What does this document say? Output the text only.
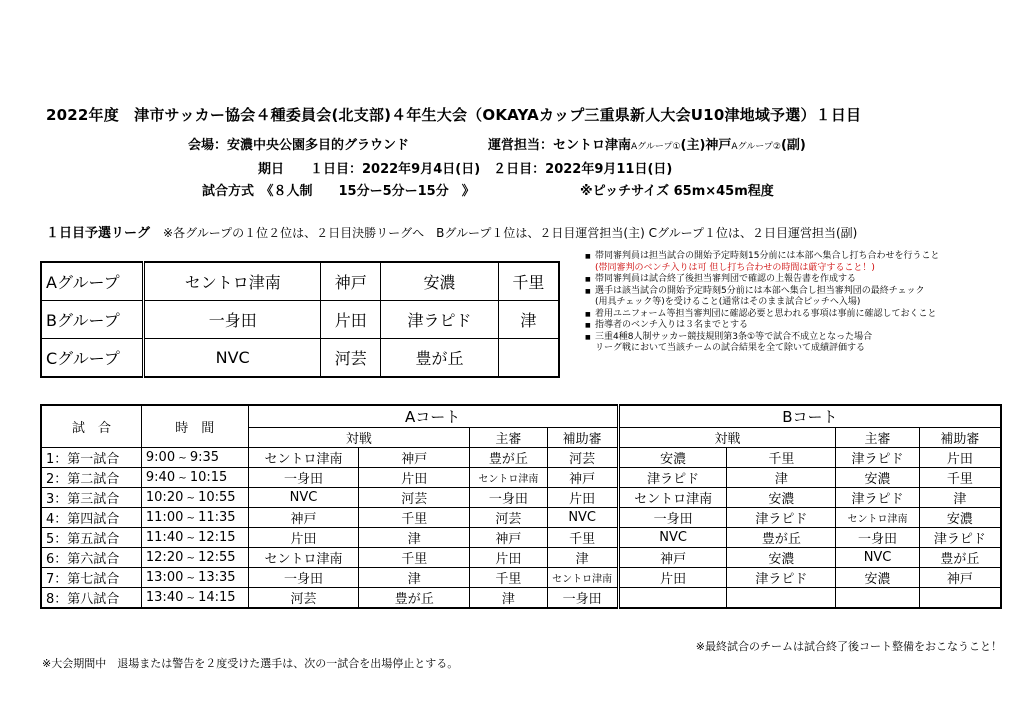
2022年度　津市サッカー協会４種委員会(北支部)４年生大会（OKAYAカップ三重県新人大会U10津地域予選）１日目
会場：安濃中央公園多目的グラウンド	運営担当：セントロ津南Aグループ①(主)神戸Aグループ②(副)
期日　　１日目：2022年9月4日(日)　２日目：2022年9月11日(日)
試合方式　《８人制　　15分ー5分ー15分　》	※ピッチサイズ 65m×45m程度
１日目予選リーグ　 ※各グループの１位２位は、２日目決勝リーグへ　Bグループ１位は、２日目運営担当(主) Cグループ１位は、２日目運営担当(副)
Aグループ	セントロ津南	神戸	安濃	千里
Bグループ	一身田	片田	津ラピド	津
Cグループ	NVC	河芸	豊が丘	
■ 帯同審判員は担当試合の開始予定時刻15分前には本部へ集合し打ち合わせを行うこと
(帯同審判のベンチ入りは可 但し打ち合わせの時間は厳守すること！)
■ 帯同審判員は試合終了後担当審判団で確認の上報告書を作成する
■ 選手は該当試合の開始予定時刻5分前には本部へ集合し担当審判団の最終チェック
(用具チェック等)を受けること(通常はそのまま試合ピッチへ入場)
■ 着用ユニフォーム等担当審判団に確認必要と思われる事項は事前に確認しておくこと
■ 指導者のベンチ入りは３名までとする
■ 三重4種8人制サッカー競技規則第3条①等で試合不成立となった場合
リーグ戦において当該チームの試合結果を全て除いて成績評価する
試　合	時　間	Aコート				Bコート			
		対戦		主審	補助審	対戦		主審	補助審
1：第一試合	9:00 ~ 9:35	セントロ津南	神戸	豊が丘	河芸	安濃	千里	津ラピド	片田
2：第二試合	9:40 ~ 10:15	一身田	片田	セントロ津南	神戸	津ラピド	津	安濃	千里
3：第三試合	10:20 ~ 10:55	NVC	河芸	一身田	片田	セントロ津南	安濃	津ラピド	津
4：第四試合	11:00 ~ 11:35	神戸	千里	河芸	NVC	一身田	津ラピド	セントロ津南	安濃
5：第五試合	11:40 ~ 12:15	片田	津	神戸	千里	NVC	豊が丘	一身田	津ラピド
6：第六試合	12:20 ~ 12:55	セントロ津南	千里	片田	津	神戸	安濃	NVC	豊が丘
7：第七試合	13:00 ~ 13:35	一身田	津	千里	セントロ津南	片田	津ラピド	安濃	神戸
8：第八試合	13:40 ~ 14:15	河芸	豊が丘	津	一身田				
※最終試合のチームは試合終了後コート整備をおこなうこと！
※大会期間中　退場または警告を２度受けた選手は、次の一試合を出場停止とする。
